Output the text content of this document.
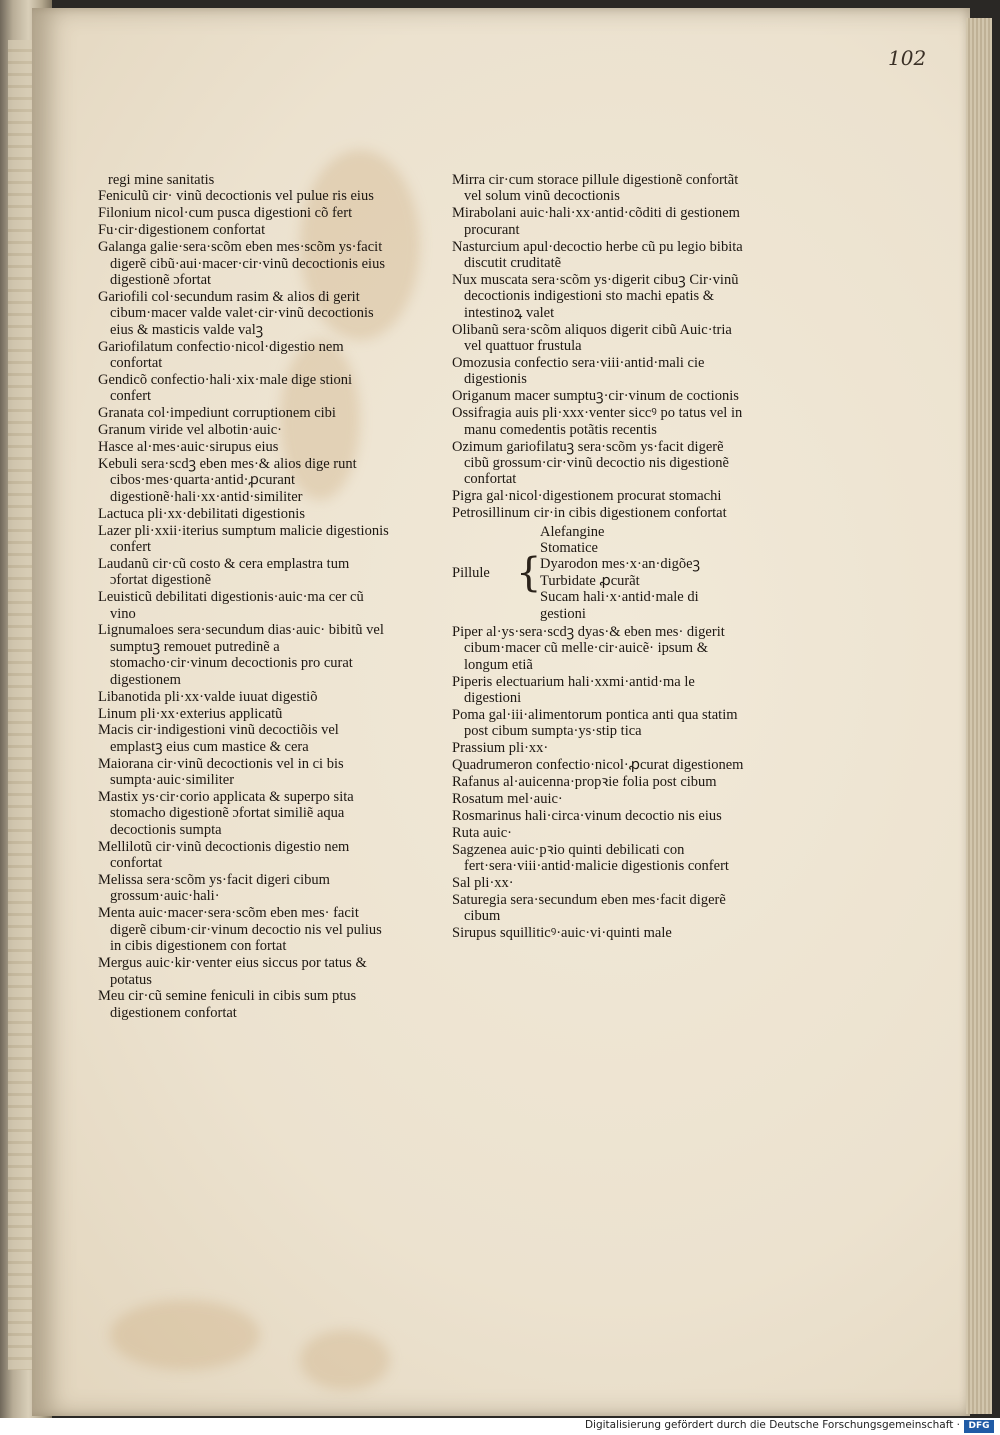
102
regi mine sanitatis
Feniculũ cir· vinũ decoctionis vel pulue ris eius
Filonium nicol·cum pusca digestioni cõ fert
Fu·cir·digestionem confortat
Galanga galie·sera·scõm eben mes·scõm ys·facit digerẽ cibũ·aui·macer·cir·vinũ decoctionis eius digestionẽ ɔfortat
Gariofili col·secundum rasim & alios di gerit cibum·macer valde valet·cir·vinũ decoctionis eius & masticis valde valꝫ
Gariofilatum confectio·nicol·digestio nem confortat
Gendicõ confectio·hali·xix·male dige stioni confert
Granata col·impediunt corruptionem cibi
Granum viride vel albotin·auic·
Hasce al·mes·auic·sirupus eius
Kebuli sera·scdꝫ eben mes·& alios dige runt cibos·mes·quarta·antid·ꝓcurant digestionẽ·hali·xx·antid·similiter
Lactuca pli·xx·debilitati digestionis
Lazer pli·xxii·iterius sumptum malicie digestionis confert
Laudanũ cir·cũ costo & cera emplastra tum ɔfortat digestionẽ
Leuisticũ debilitati digestionis·auic·ma cer cũ vino
Lignumaloes sera·secundum dias·auic· bibitũ vel sumptuꝫ remouet putredinẽ a stomacho·cir·vinum decoctionis pro curat digestionem
Libanotida pli·xx·valde iuuat digestiõ
Linum pli·xx·exterius applicatũ
Macis cir·indigestioni vinũ decoctiõis vel emplastꝫ eius cum mastice & cera
Maiorana cir·vinũ decoctionis vel in ci bis sumpta·auic·similiter
Mastix ys·cir·corio applicata & superpo sita stomacho digestionẽ ɔfortat similiẽ aqua decoctionis sumpta
Mellilotũ cir·vinũ decoctionis digestio nem confortat
Melissa sera·scõm ys·facit digeri cibum grossum·auic·hali·
Menta auic·macer·sera·scõm eben mes· facit digerẽ cibum·cir·vinum decoctio nis vel pulius in cibis digestionem con fortat
Mergus auic·kir·venter eius siccus por tatus & potatus
Meu cir·cũ semine feniculi in cibis sum ptus digestionem confortat
Mirra cir·cum storace pillule digestionẽ confortãt vel solum vinũ decoctionis
Mirabolani auic·hali·xx·antid·cõditi di gestionem procurant
Nasturcium apul·decoctio herbe cũ pu legio bibita discutit cruditatẽ
Nux muscata sera·scõm ys·digerit cibuꝫ Cir·vinũ decoctionis indigestioni sto machi epatis & intestinoꝝ valet
Olibanũ sera·scõm aliquos digerit cibũ Auic·tria vel quattuor frustula
Omozusia confectio sera·viii·antid·mali cie digestionis
Origanum macer sumptuꝫ·cir·vinum de coctionis
Ossifragia auis pli·xxx·venter siccꝰ po tatus vel in manu comedentis potãtis recentis
Ozimum gariofilatuꝫ sera·scõm ys·facit digerẽ cibũ grossum·cir·vinũ decoctio nis digestionẽ confortat
Pigra gal·nicol·digestionem procurat stomachi
Petrosillinum cir·in cibis digestionem confortat
Pillule {
Alefangine
Stomatice
Dyarodon mes·x·an·digõeꝫ
Turbidate ꝓcurãt
Sucam hali·x·antid·male di
gestioni
Piper al·ys·sera·scdꝫ dyas·& eben mes· digerit cibum·macer cũ melle·cir·auicẽ· ipsum & longum etiã
Piperis electuarium hali·xxmi·antid·ma le digestioni
Poma gal·iii·alimentorum pontica anti qua statim post cibum sumpta·ys·stip tica
Prassium pli·xx·
Quadrumeron confectio·nicol·ꝓcurat digestionem
Rafanus al·auicenna·propꝛie folia post cibum
Rosatum mel·auic·
Rosmarinus hali·circa·vinum decoctio nis eius
Ruta auic·
Sagzenea auic·pꝛio quinti debilicati con fert·sera·viii·antid·malicie digestionis confert
Sal pli·xx·
Saturegia sera·secundum eben mes·facit digerẽ cibum
Sirupus squilliticꝰ·auic·vi·quinti male
Digitalisierung gefördert durch die Deutsche Forschungsgemeinschaft · DFG
